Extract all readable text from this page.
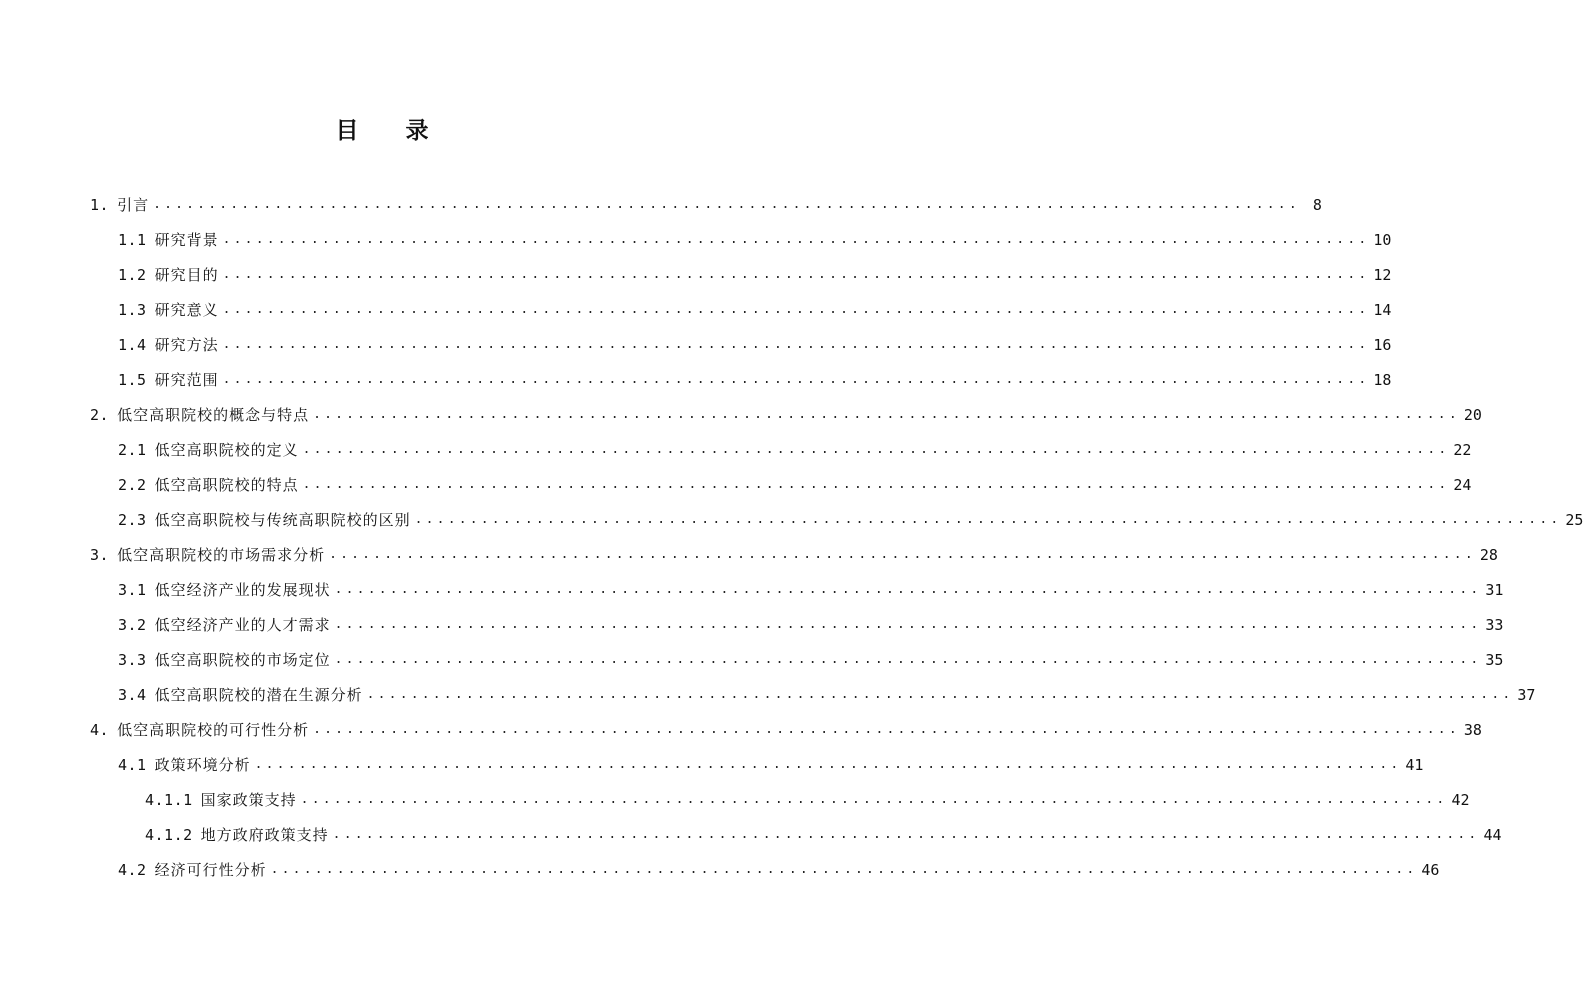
目 录
1. 引言 ........................................................................................................ 8
1.1 研究背景 ........................................................................................................ 10
1.2 研究目的 ........................................................................................................ 12
1.3 研究意义 ........................................................................................................ 14
1.4 研究方法 ........................................................................................................ 16
1.5 研究范围 ........................................................................................................ 18
2. 低空高职院校的概念与特点 ........................................................................................................ 20
2.1 低空高职院校的定义 ........................................................................................................ 22
2.2 低空高职院校的特点 ........................................................................................................ 24
2.3 低空高职院校与传统高职院校的区别 ........................................................................................................ 25
3. 低空高职院校的市场需求分析 ........................................................................................................ 28
3.1 低空经济产业的发展现状 ........................................................................................................ 31
3.2 低空经济产业的人才需求 ........................................................................................................ 33
3.3 低空高职院校的市场定位 ........................................................................................................ 35
3.4 低空高职院校的潜在生源分析 ........................................................................................................ 37
4. 低空高职院校的可行性分析 ........................................................................................................ 38
4.1 政策环境分析 ........................................................................................................ 41
4.1.1 国家政策支持 ........................................................................................................ 42
4.1.2 地方政府政策支持 ........................................................................................................ 44
4.2 经济可行性分析 ........................................................................................................ 46
